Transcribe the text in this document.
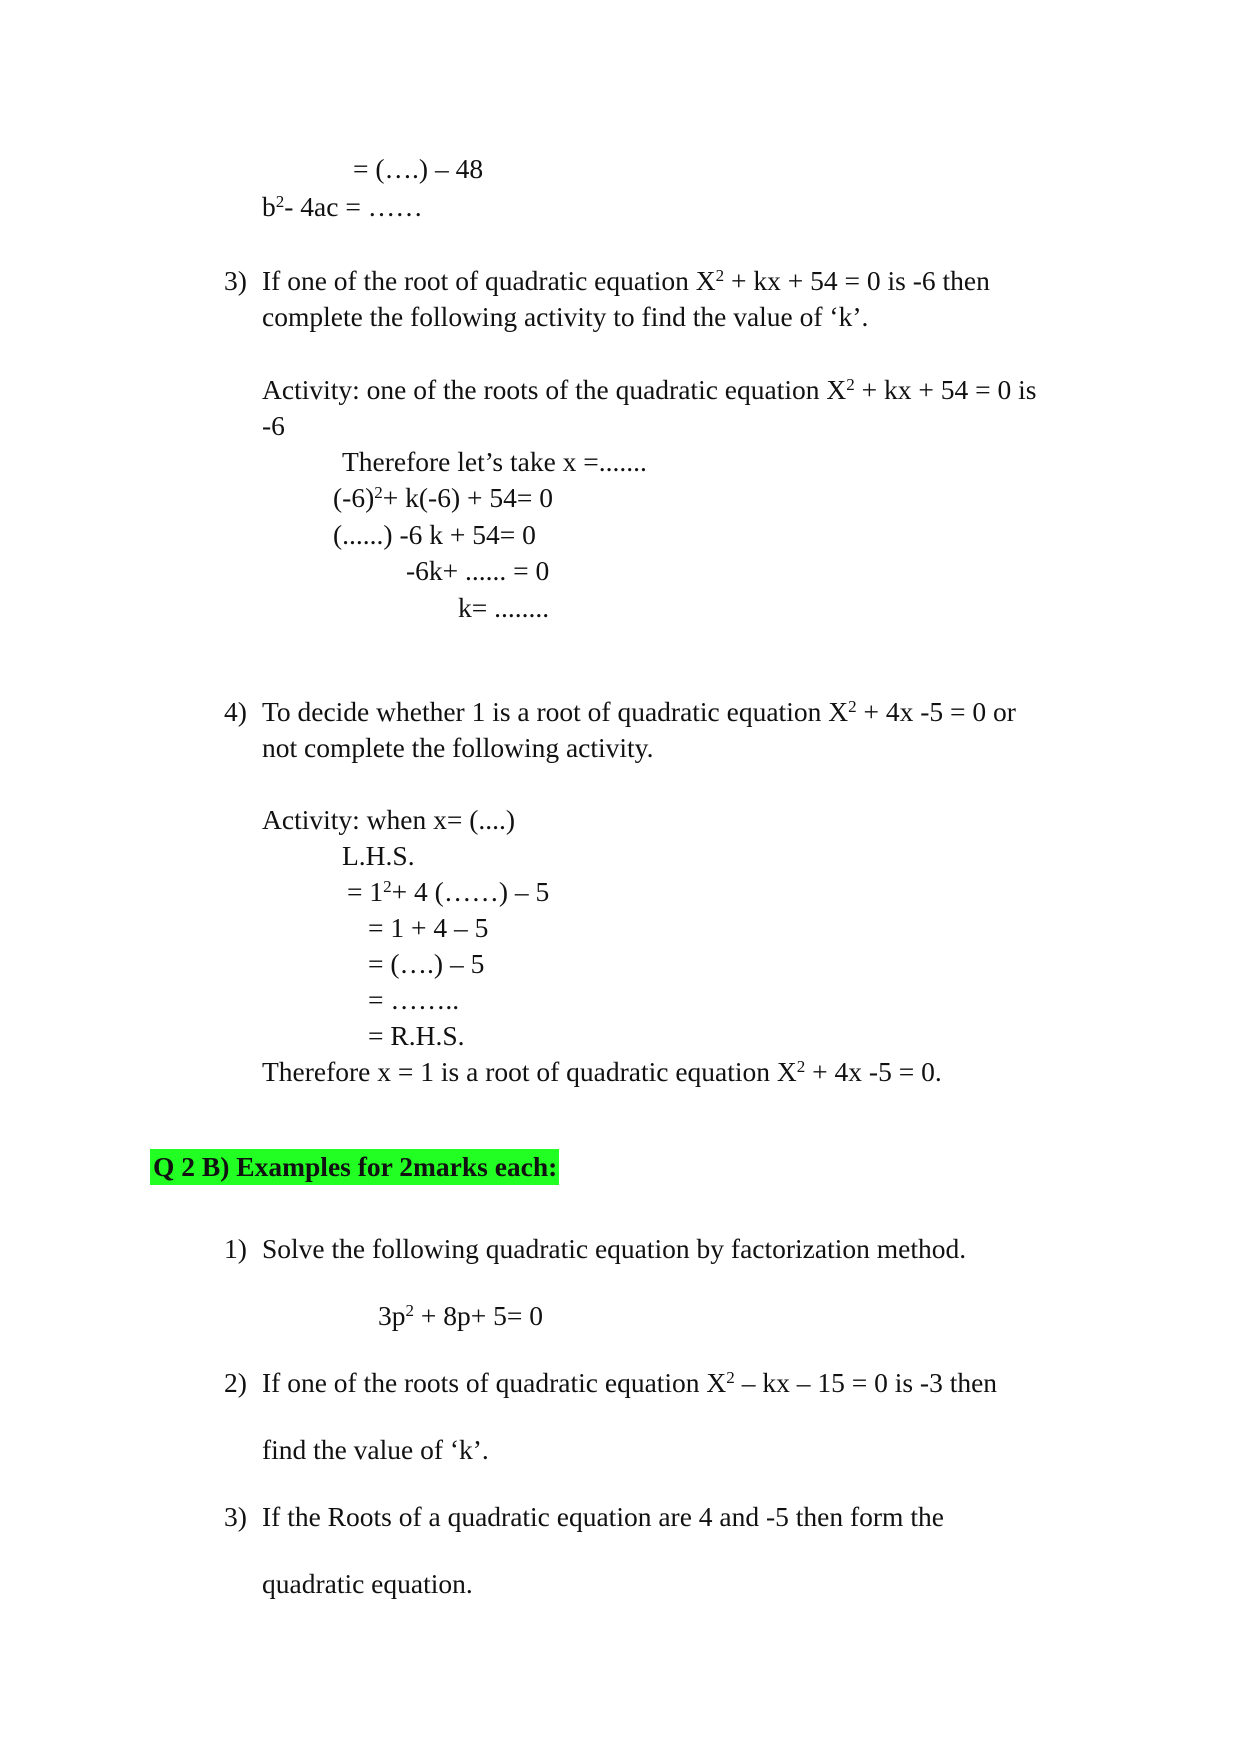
= (….) – 48

$b^2-$ 4ac = ……

3) If one of the root of quadratic equation $X^2$ + kx + 54 = 0 is -6 then

complete the following activity to find the value of ‘k’.

Activity: one of the roots of the quadratic equation $X^2$ + kx + 54 = 0 is

-6

Therefore let’s take x =.......

$(-6)^2+ k(-6) + 54= 0$

(......) -6 k + 54= 0

-6k+ ...... = 0

k= ........

4) To decide whether 1 is a root of quadratic equation $X^2 + 4x$ -5 = 0 or

not complete the following activity.

Activity: when x= (....)

L.H.S.

= $1^2+ 4$ (……) – 5

= 1 + 4 – 5

= (….) – 5

= ……..

= R.H.S.

Therefore x = 1 is a root of quadratic equation $X^2 + 4x$ -5 = 0.

Q 2 B) Examples for 2marks each:
1) Solve the following quadratic equation by factorization method.

$3p^2 + 8p+ 5= 0$

2) If one of the roots of quadratic equation $X^2$ – kx – 15 = 0 is -3 then

find the value of ‘k’.

3) If the Roots of a quadratic equation are 4 and -5 then form the

quadratic equation.
